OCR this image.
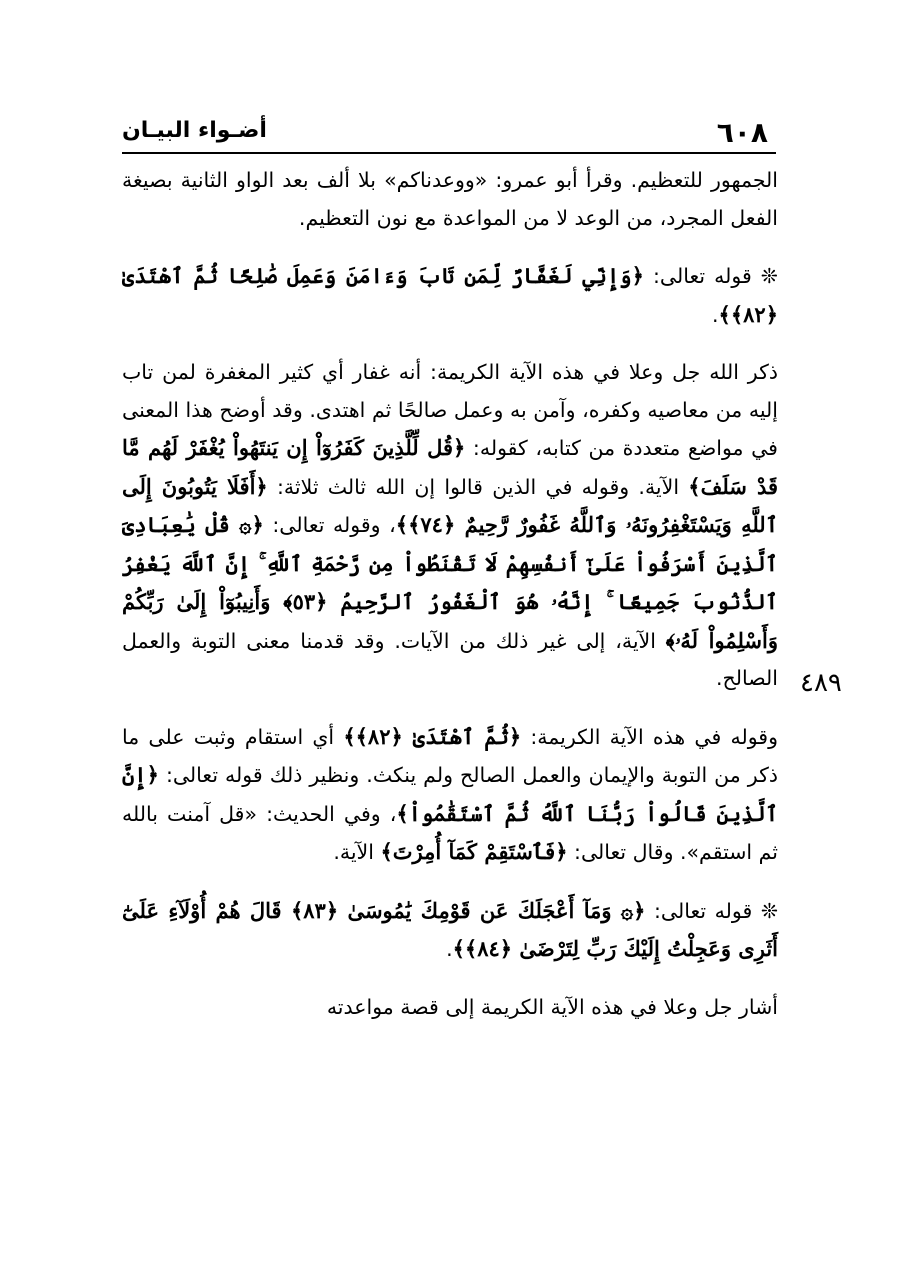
٦٠٨
أضـواء البيـان
٤٨٩

الجمهور للتعظيم. وقرأ أبو عمرو: «ووعدناكم» بلا ألف بعد الواو الثانية بصيغة الفعل المجرد، من الوعد لا من المواعدة مع نون التعظيم.

❊ قوله تعالى: ﴿وَإِنِّي لَغَفَّارٌ لِّمَن تَابَ وَءَامَنَ وَعَمِلَ صَٰلِحًا ثُمَّ ٱهْتَدَىٰ ﴿٨٢﴾﴾.

ذكر الله جل وعلا في هذه الآية الكريمة: أنه غفار أي كثير المغفرة لمن تاب إليه من معاصيه وكفره، وآمن به وعمل صالحًا ثم اهتدى. وقد أوضح هذا المعنى في مواضع متعددة من كتابه، كقوله: ﴿قُل لِّلَّذِينَ كَفَرُوٓاْ إِن يَنتَهُواْ يُغْفَرْ لَهُم مَّا قَدْ سَلَفَ﴾ الآية. وقوله في الذين قالوا إن الله ثالث ثلاثة: ﴿أَفَلَا يَتُوبُونَ إِلَى ٱللَّهِ وَيَسْتَغْفِرُونَهُۥ وَٱللَّهُ غَفُورٌ رَّحِيمٌ ﴿٧٤﴾﴾، وقوله تعالى: ﴿۞ قُلْ يَٰعِبَادِىَ ٱلَّذِينَ أَسْرَفُواْ عَلَىٰٓ أَنفُسِهِمْ لَا تَقْنَطُواْ مِن رَّحْمَةِ ٱللَّهِ ۚ إِنَّ ٱللَّهَ يَغْفِرُ ٱلذُّنُوبَ جَمِيعًا ۚ إِنَّهُۥ هُوَ ٱلْغَفُورُ ٱلرَّحِيمُ ﴿٥٣﴾ وَأَنِيبُوٓاْ إِلَىٰ رَبِّكُمْ وَأَسْلِمُواْ لَهُۥ﴾ الآية، إلى غير ذلك من الآيات. وقد قدمنا معنى التوبة والعمل الصالح.

وقوله في هذه الآية الكريمة: ﴿ثُمَّ ٱهْتَدَىٰ ﴿٨٢﴾﴾ أي استقام وثبت على ما ذكر من التوبة والإيمان والعمل الصالح ولم ينكث. ونظير ذلك قوله تعالى: ﴿إِنَّ ٱلَّذِينَ قَالُواْ رَبُّنَا ٱللَّهُ ثُمَّ ٱسْتَقَٰمُواْ﴾، وفي الحديث: «قل آمنت بالله ثم استقم». وقال تعالى: ﴿فَٱسْتَقِمْ كَمَآ أُمِرْتَ﴾ الآية.

❊ قوله تعالى: ﴿۞ وَمَآ أَعْجَلَكَ عَن قَوْمِكَ يَٰمُوسَىٰ ﴿٨٣﴾ قَالَ هُمْ أُوْلَآءِ عَلَىٰٓ أَثَرِى وَعَجِلْتُ إِلَيْكَ رَبِّ لِتَرْضَىٰ ﴿٨٤﴾﴾.

أشار جل وعلا في هذه الآية الكريمة إلى قصة مواعدته
